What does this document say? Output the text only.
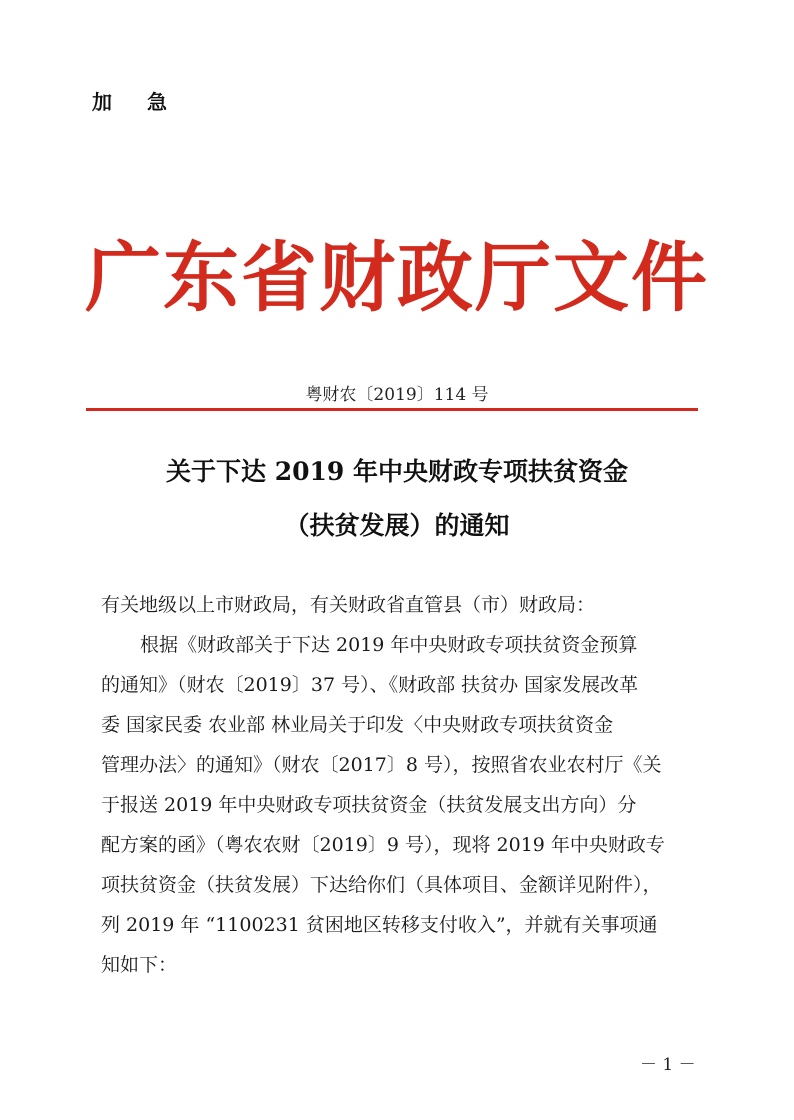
加 急
广东省财政厅文件
粤财农〔2019〕114 号
关于下达 2019 年中央财政专项扶贫资金
（扶贫发展）的通知
有关地级以上市财政局，有关财政省直管县（市）财政局：
根据《财政部关于下达 2019 年中央财政专项扶贫资金预算
的通知》（财农〔2019〕37 号）、《财政部 扶贫办 国家发展改革
委 国家民委 农业部 林业局关于印发〈中央财政专项扶贫资金
管理办法〉的通知》（财农〔2017〕8 号），按照省农业农村厅《关
于报送 2019 年中央财政专项扶贫资金（扶贫发展支出方向）分
配方案的函》（粤农农财〔2019〕9 号），现将 2019 年中央财政专
项扶贫资金（扶贫发展）下达给你们（具体项目、金额详见附件），
列 2019 年 “1100231 贫困地区转移支付收入”，并就有关事项通
知如下：
－ 1 －
